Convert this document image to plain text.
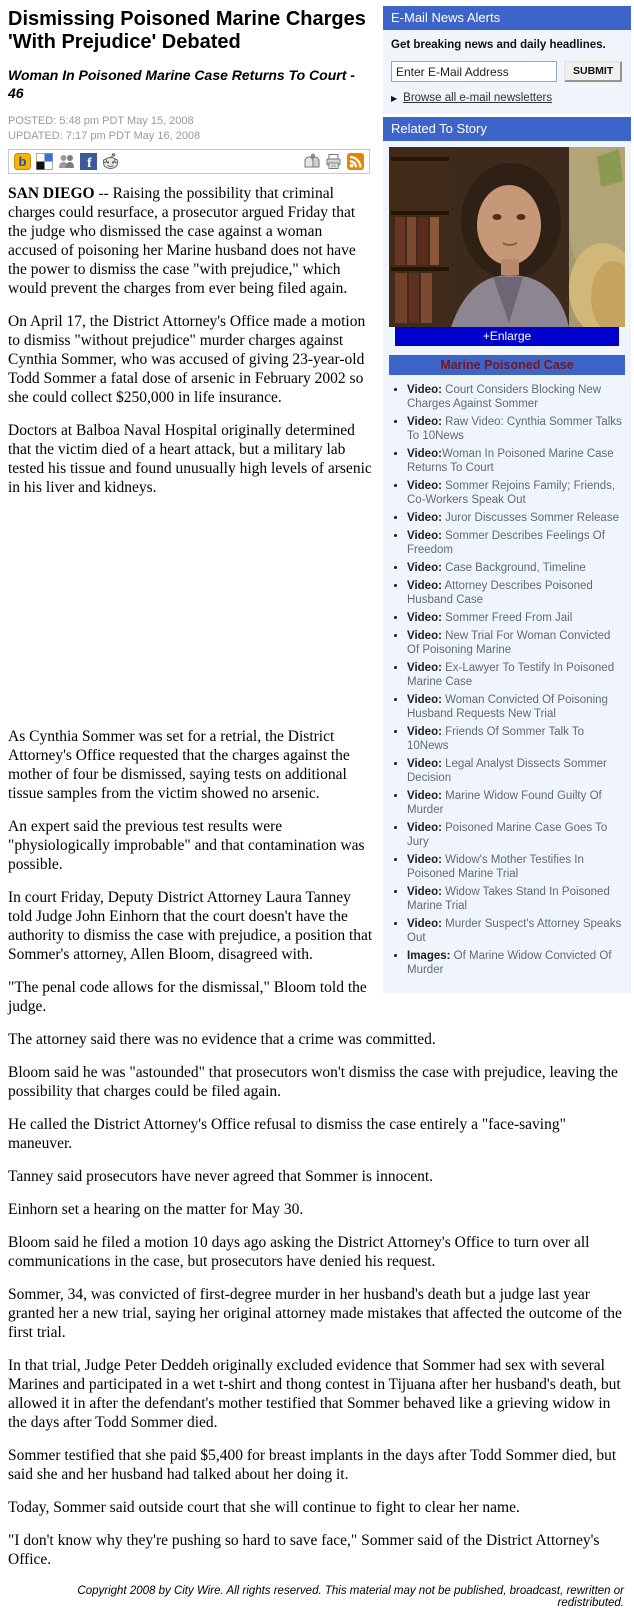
E-Mail News Alerts
Get breaking news and daily headlines.
Enter E-Mail Address
SUBMIT
▶ Browse all e-mail newsletters
Related To Story
+Enlarge
Marine Poisoned Case
• Video: Court Considers Blocking New Charges Against Sommer
• Video: Raw Video: Cynthia Sommer Talks To 10News
• Video:Woman In Poisoned Marine Case Returns To Court
• Video: Sommer Rejoins Family; Friends, Co-Workers Speak Out
• Video: Juror Discusses Sommer Release
• Video: Sommer Describes Feelings Of Freedom
• Video: Case Background, Timeline
• Video: Attorney Describes Poisoned Husband Case
• Video: Sommer Freed From Jail
• Video: New Trial For Woman Convicted Of Poisoning Marine
• Video: Ex-Lawyer To Testify In Poisoned Marine Case
• Video: Woman Convicted Of Poisoning Husband Requests New Trial
• Video: Friends Of Sommer Talk To 10News
• Video: Legal Analyst Dissects Sommer Decision
• Video: Marine Widow Found Guilty Of Murder
• Video: Poisoned Marine Case Goes To Jury
• Video: Widow's Mother Testifies In Poisoned Marine Trial
• Video: Widow Takes Stand In Poisoned Marine Trial
• Video: Murder Suspect's Attorney Speaks Out
• Images: Of Marine Widow Convicted Of Murder
Dismissing Poisoned Marine Charges 'With Prejudice' Debated
Woman In Poisoned Marine Case Returns To Court - 46
POSTED: 5:48 pm PDT May 15, 2008
UPDATED: 7:17 pm PDT May 16, 2008
b	f

SAN DIEGO -- Raising the possibility that criminal charges could resurface, a prosecutor argued Friday that the judge who dismissed the case against a woman accused of poisoning her Marine husband does not have the power to dismiss the case "with prejudice," which would prevent the charges from ever being filed again.

On April 17, the District Attorney's Office made a motion to dismiss "without prejudice" murder charges against Cynthia Sommer, who was accused of giving 23-year-old Todd Sommer a fatal dose of arsenic in February 2002 so she could collect $250,000 in life insurance.

Doctors at Balboa Naval Hospital originally determined that the victim died of a heart attack, but a military lab tested his tissue and found unusually high levels of arsenic in his liver and kidneys.

As Cynthia Sommer was set for a retrial, the District Attorney's Office requested that the charges against the mother of four be dismissed, saying tests on additional tissue samples from the victim showed no arsenic.

An expert said the previous test results were "physiologically improbable" and that contamination was possible.

In court Friday, Deputy District Attorney Laura Tanney told Judge John Einhorn that the court doesn't have the authority to dismiss the case with prejudice, a position that Sommer's attorney, Allen Bloom, disagreed with.

"The penal code allows for the dismissal," Bloom told the judge.

The attorney said there was no evidence that a crime was committed.

Bloom said he was "astounded" that prosecutors won't dismiss the case with prejudice, leaving the possibility that charges could be filed again.

He called the District Attorney's Office refusal to dismiss the case entirely a "face-saving" maneuver.

Tanney said prosecutors have never agreed that Sommer is innocent.

Einhorn set a hearing on the matter for May 30.

Bloom said he filed a motion 10 days ago asking the District Attorney's Office to turn over all communications in the case, but prosecutors have denied his request.

Sommer, 34, was convicted of first-degree murder in her husband's death but a judge last year granted her a new trial, saying her original attorney made mistakes that affected the outcome of the first trial.

In that trial, Judge Peter Deddeh originally excluded evidence that Sommer had sex with several Marines and participated in a wet t-shirt and thong contest in Tijuana after her husband's death, but allowed it in after the defendant's mother testified that Sommer behaved like a grieving widow in the days after Todd Sommer died.

Sommer testified that she paid $5,400 for breast implants in the days after Todd Sommer died, but said she and her husband had talked about her doing it.

Today, Sommer said outside court that she will continue to fight to clear her name.

"I don't know why they're pushing so hard to save face," Sommer said of the District Attorney's Office.

Copyright 2008 by City Wire. All rights reserved. This material may not be published, broadcast, rewritten or redistributed.
